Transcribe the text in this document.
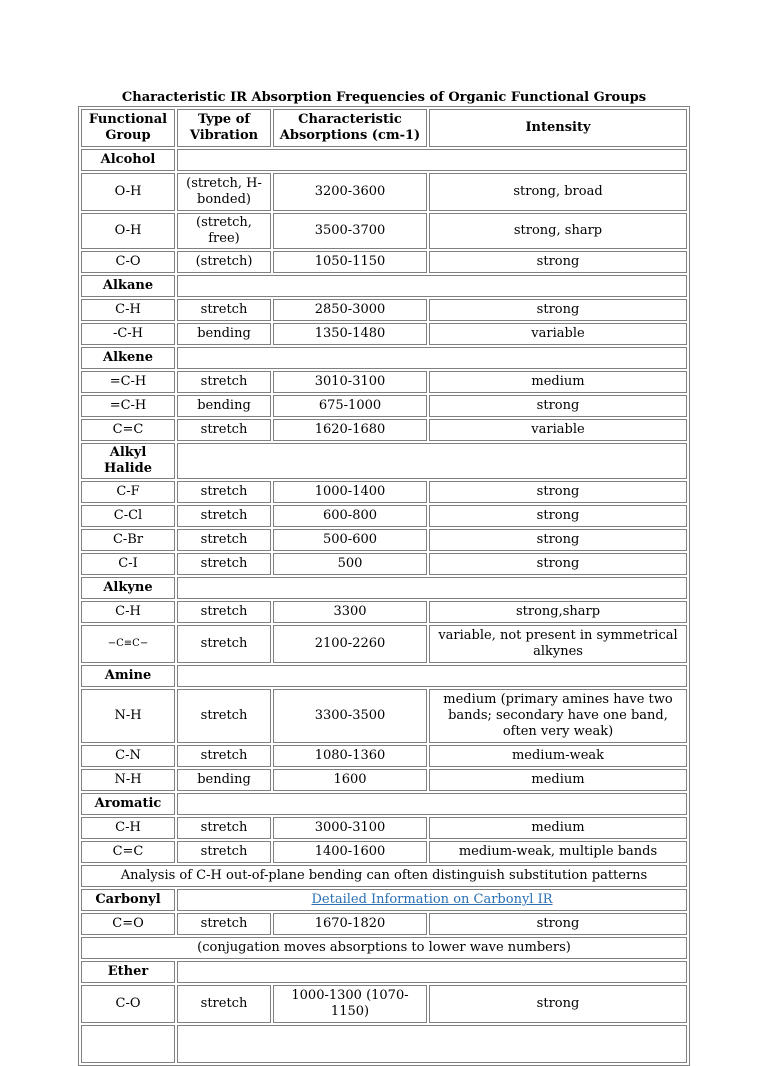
Characteristic IR Absorption Frequencies of Organic Functional Groups
Functional Group	Type of Vibration	Characteristic Absorptions (cm-1)	Intensity
Alcohol			
O-H	(stretch, H-bonded)	3200-3600	strong, broad
O-H	(stretch, free)	3500-3700	strong, sharp
C-O	(stretch)	1050-1150	strong
Alkane			
C-H	stretch	2850-3000	strong
-C-H	bending	1350-1480	variable
Alkene			
=C-H	stretch	3010-3100	medium
=C-H	bending	675-1000	strong
C=C	stretch	1620-1680	variable
Alkyl Halide			
C-F	stretch	1000-1400	strong
C-Cl	stretch	600-800	strong
C-Br	stretch	500-600	strong
C-I	stretch	500	strong
Alkyne			
C-H	stretch	3300	strong,sharp
−C≡C−	stretch	2100-2260	variable, not present in symmetrical alkynes
Amine			
N-H	stretch	3300-3500	medium (primary amines have two bands; secondary have one band, often very weak)
C-N	stretch	1080-1360	medium-weak
N-H	bending	1600	medium
Aromatic			
C-H	stretch	3000-3100	medium
C=C	stretch	1400-1600	medium-weak, multiple bands
Analysis of C-H out-of-plane bending can often distinguish substitution patterns			
Carbonyl	Detailed Information on Carbonyl IR		
C=O	stretch	1670-1820	strong
(conjugation moves absorptions to lower wave numbers)			
Ether			
C-O	stretch	1000-1300 (1070-1150)	strong
